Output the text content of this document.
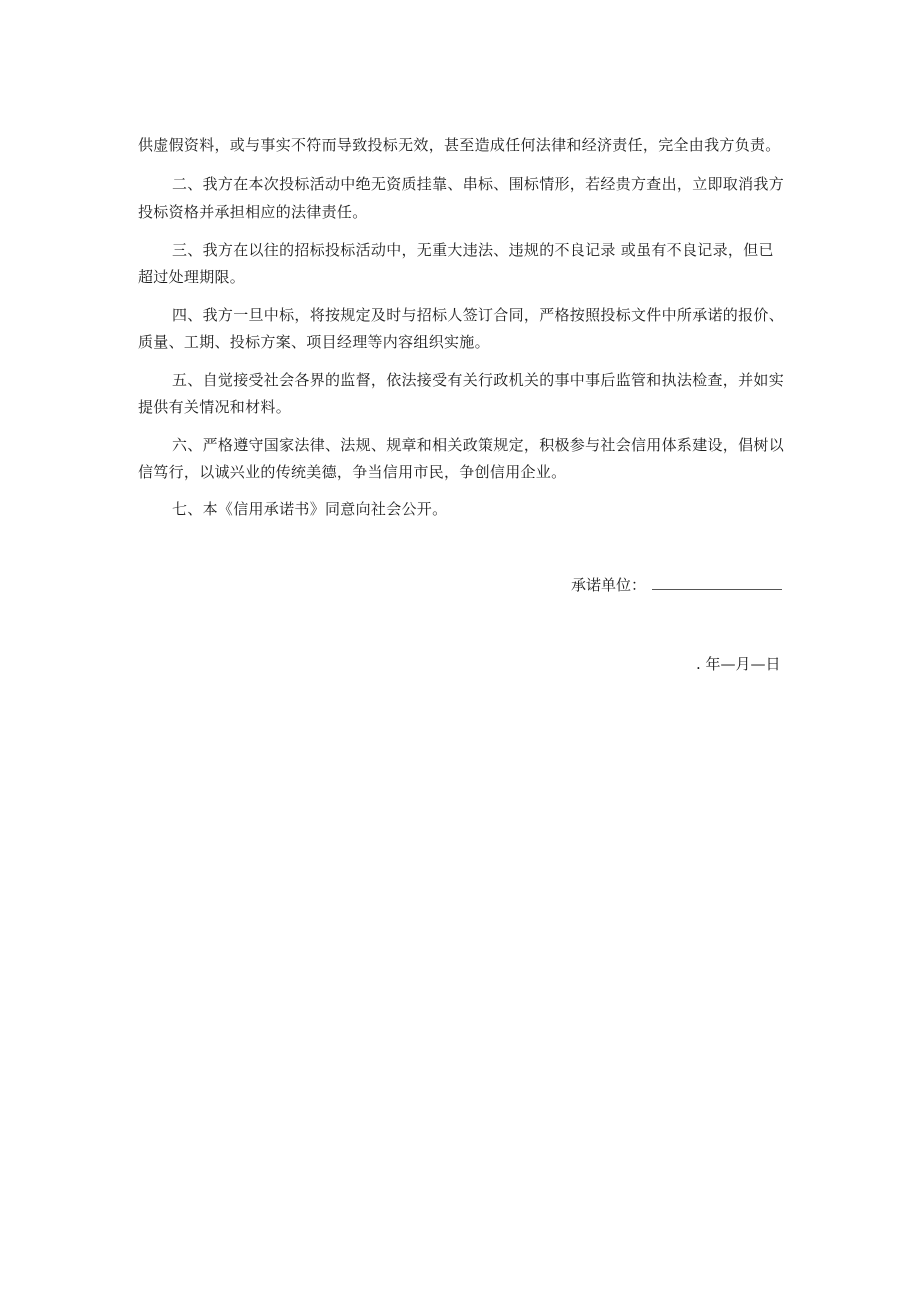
供虚假资料，或与事实不符而导致投标无效，甚至造成任何法律和经济责任，完全由我方负责。
二、我方在本次投标活动中绝无资质挂靠、串标、围标情形，若经贵方查出，立即取消我方
投标资格并承担相应的法律责任。
三、我方在以往的招标投标活动中，无重大违法、违规的不良记录 或虽有不良记录，但已
超过处理期限。
四、我方一旦中标，将按规定及时与招标人签订合同，严格按照投标文件中所承诺的报价、
质量、工期、投标方案、项目经理等内容组织实施。
五、自觉接受社会各界的监督，依法接受有关行政机关的事中事后监管和执法检查，并如实
提供有关情况和材料。
六、严格遵守国家法律、法规、规章和相关政策规定，积极参与社会信用体系建设，倡树以
信笃行，以诚兴业的传统美德，争当信用市民，争创信用企业。
七、本《信用承诺书》同意向社会公开。
承诺单位：
. 年—月—日
